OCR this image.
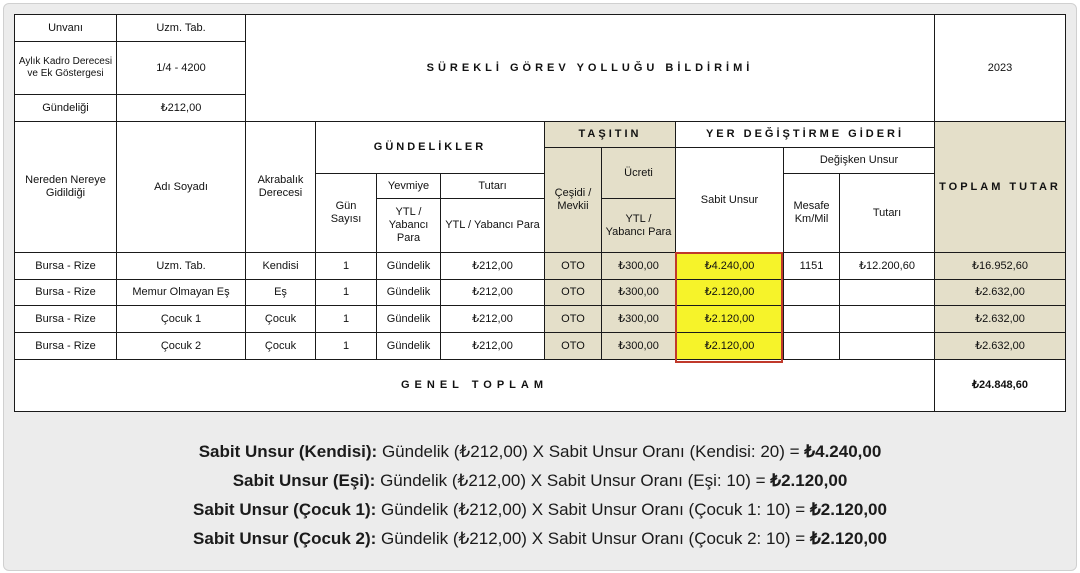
Unvanı	Uzm. Tab.	SÜREKLİ GÖREV YOLLUĞU BİLDİRİMİ									2023
Aylık Kadro Derecesi ve Ek Göstergesi	1/4 - 4200										
Gündeliği	₺212,00										
Nereden Nereye Gidildiği	Adı Soyadı	Akrabalık Derecesi	GÜNDELİKLER			TAŞITIN		YER DEĞİŞTİRME GİDERİ			TOPLAM TUTAR
						Çeşidi / Mevkii	Ücreti	Sabit Unsur	Değişken Unsur		
			Gün Sayısı	Yevmiye	Tutarı				Mesafe Km/Mil	Tutarı	
				YTL / Yabancı Para	YTL / Yabancı Para		YTL / Yabancı Para				
Bursa - Rize	Uzm. Tab.	Kendisi	1	Gündelik	₺212,00	OTO	₺300,00	₺4.240,00	1151	₺12.200,60	₺16.952,60
Bursa - Rize	Memur Olmayan Eş	Eş	1	Gündelik	₺212,00	OTO	₺300,00	₺2.120,00			₺2.632,00
Bursa - Rize	Çocuk 1	Çocuk	1	Gündelik	₺212,00	OTO	₺300,00	₺2.120,00			₺2.632,00
Bursa - Rize	Çocuk 2	Çocuk	1	Gündelik	₺212,00	OTO	₺300,00	₺2.120,00			₺2.632,00
GENEL TOPLAM											₺24.848,60
Sabit Unsur (Kendisi): Gündelik (₺212,00) X Sabit Unsur Oranı (Kendisi: 20) = ₺4.240,00
Sabit Unsur (Eşi): Gündelik (₺212,00) X Sabit Unsur Oranı (Eşi: 10) = ₺2.120,00
Sabit Unsur (Çocuk 1): Gündelik (₺212,00) X Sabit Unsur Oranı (Çocuk 1: 10) = ₺2.120,00
Sabit Unsur (Çocuk 2): Gündelik (₺212,00) X Sabit Unsur Oranı (Çocuk 2: 10) = ₺2.120,00
